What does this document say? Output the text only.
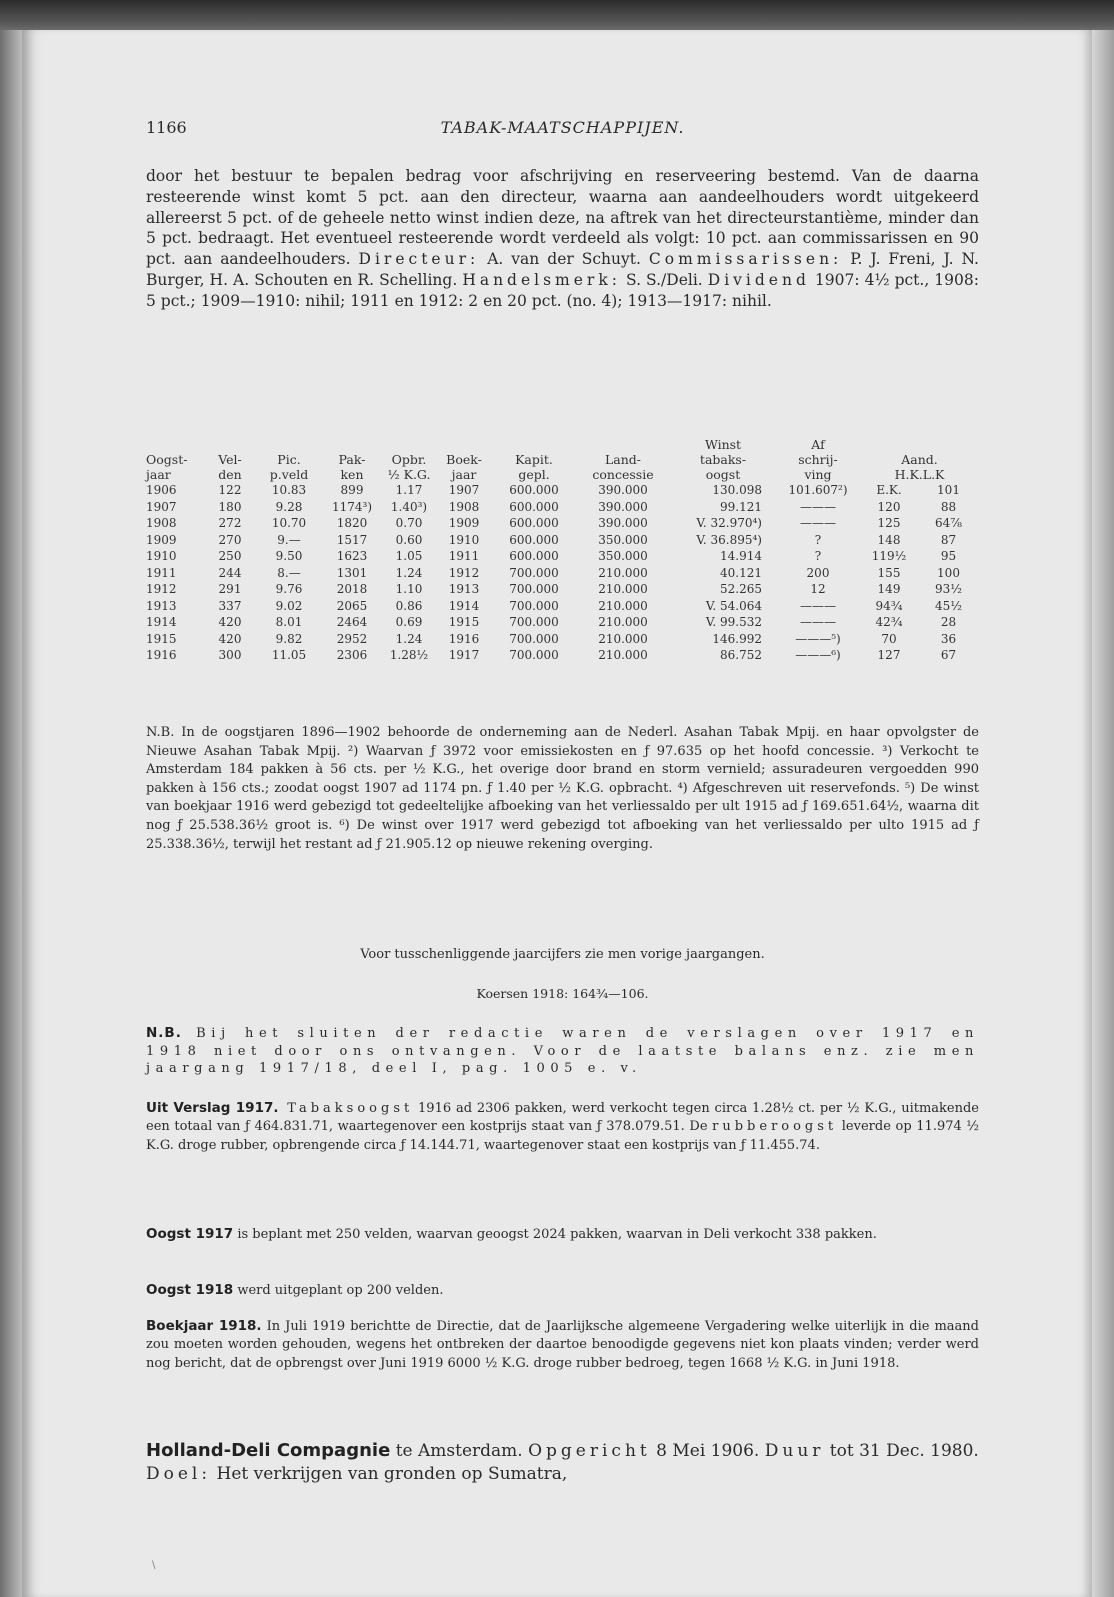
1166	TABAK-MAATSCHAPPIJEN.

door het bestuur te bepalen bedrag voor afschrijving en reserveering bestemd. Van de daarna resteerende winst komt 5 pct. aan den directeur, waarna aan aandeelhouders wordt uitgekeerd allereerst 5 pct. of de geheele netto winst indien deze, na aftrek van het directeurstantième, minder dan 5 pct. bedraagt. Het eventueel resteerende wordt verdeeld als volgt: 10 pct. aan commissarissen en 90 pct. aan aandeelhouders. Directeur: A. van der Schuyt. Commissarissen: P. J. Freni, J. N. Burger, H. A. Schouten en R. Schelling. Handelsmerk: S. S./Deli. Dividend 1907: 4½ pct., 1908: 5 pct.; 1909—1910: nihil; 1911 en 1912: 2 en 20 pct. (no. 4); 1913—1917: nihil.

								Winst	Af		
Oogst-	Vel-	Pic.	Pak-	Opbr.	Boek-	Kapit.	Land-	tabaks-	schrij-	Aand.	
jaar	den	p.veld	ken	½ K.G.	jaar	gepl.	concessie	oogst	ving	H.K.L.K	
1906	122	10.83	899	1.17	1907	600.000	390.000	130.098	101.607²)	E.K.	101
1907	180	9.28	1174³)	1.40³)	1908	600.000	390.000	99.121	———	120	88
1908	272	10.70	1820	0.70	1909	600.000	390.000	V. 32.970⁴)	———	125	64⅞
1909	270	9.—	1517	0.60	1910	600.000	350.000	V. 36.895⁴)	?	148	87
1910	250	9.50	1623	1.05	1911	600.000	350.000	14.914	?	119½	95
1911	244	8.—	1301	1.24	1912	700.000	210.000	40.121	200	155	100
1912	291	9.76	2018	1.10	1913	700.000	210.000	52.265	12	149	93½
1913	337	9.02	2065	0.86	1914	700.000	210.000	V. 54.064	———	94¾	45½
1914	420	8.01	2464	0.69	1915	700.000	210.000	V. 99.532	———	42¾	28
1915	420	9.82	2952	1.24	1916	700.000	210.000	146.992	———⁵)	70	36
1916	300	11.05	2306	1.28½	1917	700.000	210.000	86.752	———⁶)	127	67

N.B. In de oogstjaren 1896—1902 behoorde de onderneming aan de Nederl. Asahan Tabak Mpij. en haar opvolgster de Nieuwe Asahan Tabak Mpij. ²) Waarvan ƒ 3972 voor emissiekosten en ƒ 97.635 op het hoofd concessie. ³) Verkocht te Amsterdam 184 pakken à 56 cts. per ½ K.G., het overige door brand en storm vernield; assuradeuren vergoedden 990 pakken à 156 cts.; zoodat oogst 1907 ad 1174 pn. ƒ 1.40 per ½ K.G. opbracht. ⁴) Afgeschreven uit reservefonds. ⁵) De winst van boekjaar 1916 werd gebezigd tot gedeeltelijke afboeking van het verliessaldo per ult 1915 ad ƒ 169.651.64½, waarna dit nog ƒ 25.538.36½ groot is. ⁶) De winst over 1917 werd gebezigd tot afboeking van het verliessaldo per ulto 1915 ad ƒ 25.338.36½, terwijl het restant ad ƒ 21.905.12 op nieuwe rekening overging.

Voor tusschenliggende jaarcijfers zie men vorige jaargangen.
Koersen 1918: 164¾—106.

N.B. Bij het sluiten der redactie waren de verslagen over 1917 en 1918 niet door ons ontvangen. Voor de laatste balans enz. zie men jaargang 1917/18, deel I, pag. 1005 e. v.

Uit Verslag 1917. Tabaksoogst 1916 ad 2306 pakken, werd verkocht tegen circa 1.28½ ct. per ½ K.G., uitmakende een totaal van ƒ 464.831.71, waartegenover een kostprijs staat van ƒ 378.079.51. De rubberoogst leverde op 11.974 ½ K.G. droge rubber, opbrengende circa ƒ 14.144.71, waartegenover staat een kostprijs van ƒ 11.455.74.

Oogst 1917 is beplant met 250 velden, waarvan geoogst 2024 pakken, waarvan in Deli verkocht 338 pakken.

Oogst 1918 werd uitgeplant op 200 velden.

Boekjaar 1918. In Juli 1919 berichtte de Directie, dat de Jaarlijksche algemeene Vergadering welke uiterlijk in die maand zou moeten worden gehouden, wegens het ontbreken der daartoe benoodigde gegevens niet kon plaats vinden; verder werd nog bericht, dat de opbrengst over Juni 1919 6000 ½ K.G. droge rubber bedroeg, tegen 1668 ½ K.G. in Juni 1918.

Holland-Deli Compagnie te Amsterdam. Opgericht 8 Mei 1906. Duur tot 31 Dec. 1980. Doel: Het verkrijgen van gronden op Sumatra,

\
